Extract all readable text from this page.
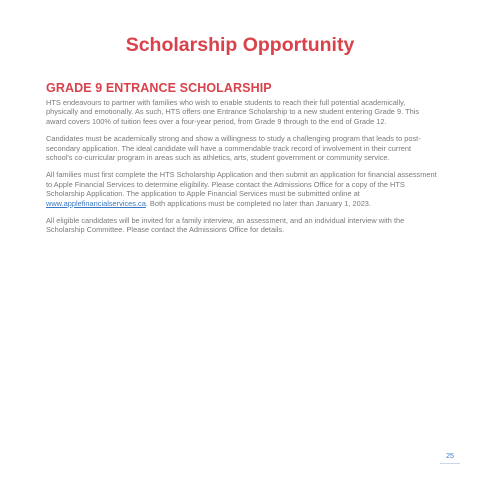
Scholarship Opportunity
GRADE 9 ENTRANCE SCHOLARSHIP

HTS endeavours to partner with families who wish to enable students to reach their full potential academically, physically and emotionally. As such, HTS offers one Entrance Scholarship to a new student entering Grade 9. This award covers 100% of tuition fees over a four-year period, from Grade 9 through to the end of Grade 12.

Candidates must be academically strong and show a willingness to study a challenging program that leads to post-secondary application. The ideal candidate will have a commendable track record of involvement in their current school's co-curricular program in areas such as athletics, arts, student government or community service.

All families must first complete the HTS Scholarship Application and then submit an application for financial assessment to Apple Financial Services to determine eligibility. Please contact the Admissions Office for a copy of the HTS Scholarship Application. The application to Apple Financial Services must be submitted online at www.applefinancialservices.ca. Both applications must be completed no later than January 1, 2023.

All eligible candidates will be invited for a family interview, an assessment, and an individual interview with the Scholarship Committee. Please contact the Admissions Office for details.

25
